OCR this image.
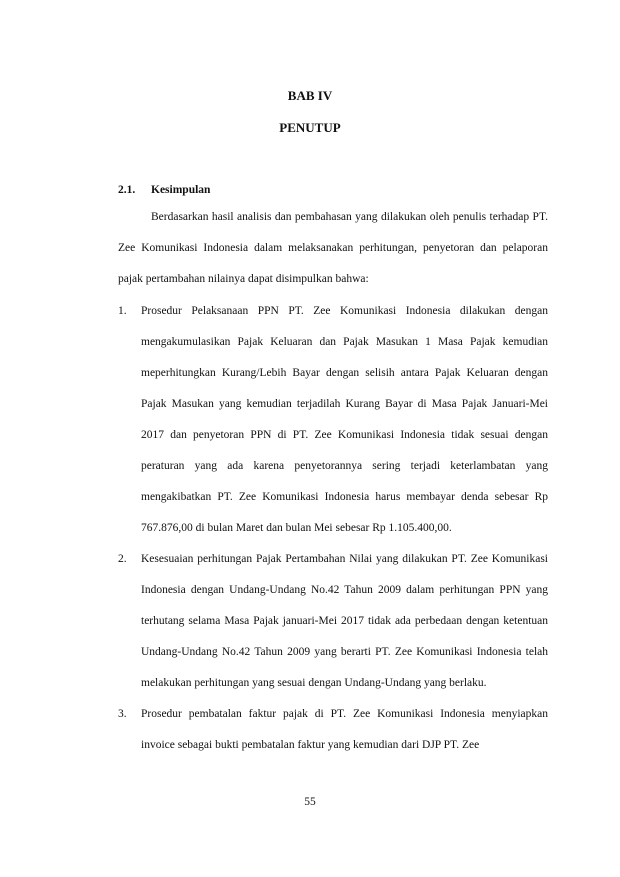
BAB IV
PENUTUP
2.1. Kesimpulan

Berdasarkan hasil analisis dan pembahasan yang dilakukan oleh penulis terhadap PT. Zee Komunikasi Indonesia dalam melaksanakan perhitungan, penyetoran dan pelaporan pajak pertambahan nilainya dapat disimpulkan bahwa:

1. Prosedur Pelaksanaan PPN PT. Zee Komunikasi Indonesia dilakukan dengan mengakumulasikan Pajak Keluaran dan Pajak Masukan 1 Masa Pajak kemudian meperhitungkan Kurang/Lebih Bayar dengan selisih antara Pajak Keluaran dengan Pajak Masukan yang kemudian terjadilah Kurang Bayar di Masa Pajak Januari-Mei 2017 dan penyetoran PPN di PT. Zee Komunikasi Indonesia tidak sesuai dengan peraturan yang ada karena penyetorannya sering terjadi keterlambatan yang mengakibatkan PT. Zee Komunikasi Indonesia harus membayar denda sebesar Rp 767.876,00 di bulan Maret dan bulan Mei sebesar Rp 1.105.400,00.
2. Kesesuaian perhitungan Pajak Pertambahan Nilai yang dilakukan PT. Zee Komunikasi Indonesia dengan Undang-Undang No.42 Tahun 2009 dalam perhitungan PPN yang terhutang selama Masa Pajak januari-Mei 2017 tidak ada perbedaan dengan ketentuan Undang-Undang No.42 Tahun 2009 yang berarti PT. Zee Komunikasi Indonesia telah melakukan perhitungan yang sesuai dengan Undang-Undang yang berlaku.
3. Prosedur pembatalan faktur pajak di PT. Zee Komunikasi Indonesia menyiapkan invoice sebagai bukti pembatalan faktur yang kemudian dari DJP PT. Zee
55
